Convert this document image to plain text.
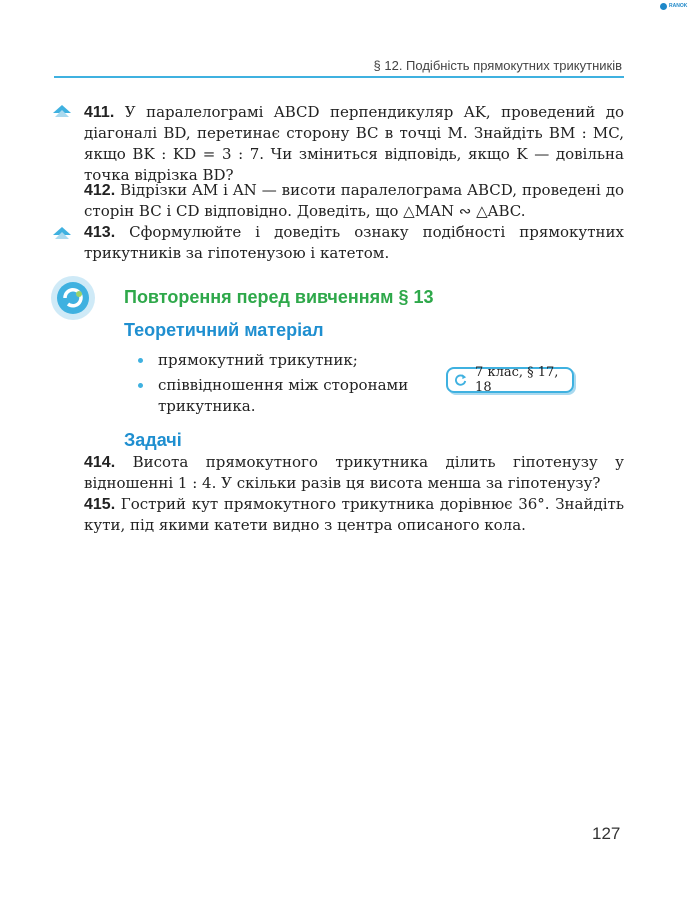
RANOK
§ 12. Подібність прямокутних трикутників

411. У паралелограмі ABCD перпендикуляр AK, проведений до діагоналі BD, перетинає сторону BC в точці M. Знайдіть BM : MC, якщо BK : KD = 3 : 7. Чи зміниться відповідь, якщо K — довільна точка відрізка BD?

412. Відрізки AM і AN — висоти паралелограма ABCD, проведені до сторін BC і CD відповідно. Доведіть, що △MAN ∾ △ABC.

413. Сформулюйте і доведіть ознаку подібності прямокутних трикутників за гіпотенузою і катетом.

Повторення перед вивченням § 13
Теоретичний матеріал
прямокутний трикутник;
співвідношення між сторонами трикутника.
7 клас, § 17, 18
Задачі

414. Висота прямокутного трикутника ділить гіпотенузу у відношенні 1 : 4. У скільки разів ця висота менша за гіпотенузу?

415. Гострий кут прямокутного трикутника дорівнює 36°. Знайдіть кути, під якими катети видно з центра описаного кола.

127
